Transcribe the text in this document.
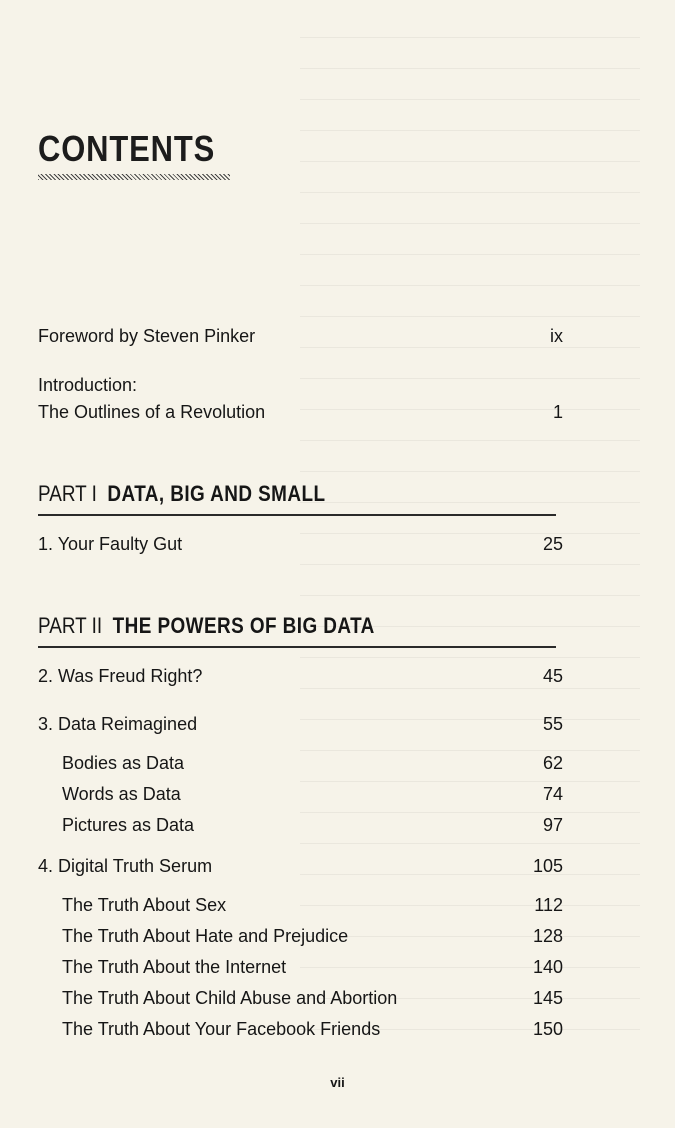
CONTENTS
Foreword by Steven Pinker	ix
Introduction:
The Outlines of a Revolution	1
PART I DATA, BIG AND SMALL
1. Your Faulty Gut	25
PART II THE POWERS OF BIG DATA
2. Was Freud Right?	45
3. Data Reimagined	55
Bodies as Data	62
Words as Data	74
Pictures as Data	97
4. Digital Truth Serum	105
The Truth About Sex	112
The Truth About Hate and Prejudice	128
The Truth About the Internet	140
The Truth About Child Abuse and Abortion	145
The Truth About Your Facebook Friends	150
vii
